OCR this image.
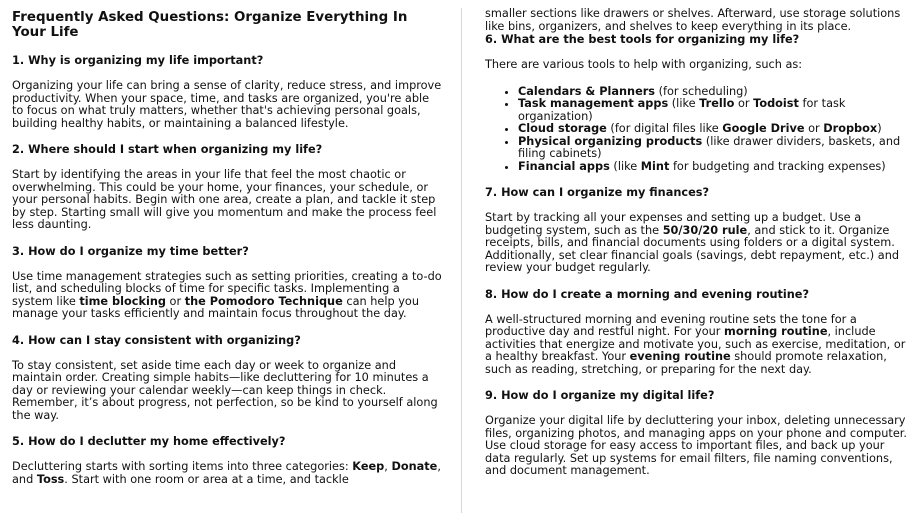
Frequently Asked Questions: Organize Everything In Your Life
1. Why is organizing my life important?

Organizing your life can bring a sense of clarity, reduce stress, and improve productivity. When your space, time, and tasks are organized, you're able to focus on what truly matters, whether that's achieving personal goals, building healthy habits, or maintaining a balanced lifestyle.

2. Where should I start when organizing my life?

Start by identifying the areas in your life that feel the most chaotic or overwhelming. This could be your home, your finances, your schedule, or your personal habits. Begin with one area, create a plan, and tackle it step by step. Starting small will give you momentum and make the process feel less daunting.

3. How do I organize my time better?

Use time management strategies such as setting priorities, creating a to-do list, and scheduling blocks of time for specific tasks. Implementing a system like time blocking or the Pomodoro Technique can help you manage your tasks efficiently and maintain focus throughout the day.

4. How can I stay consistent with organizing?

To stay consistent, set aside time each day or week to organize and maintain order. Creating simple habits—like decluttering for 10 minutes a day or reviewing your calendar weekly—can keep things in check. Remember, it’s about progress, not perfection, so be kind to yourself along the way.

5. How do I declutter my home effectively?

Decluttering starts with sorting items into three categories: Keep, Donate, and Toss. Start with one room or area at a time, and tackle

smaller sections like drawers or shelves. Afterward, use storage solutions like bins, organizers, and shelves to keep everything in its place.

6. What are the best tools for organizing my life?

There are various tools to help with organizing, such as:

• Calendars & Planners (for scheduling)
• Task management apps (like Trello or Todoist for task organization)
• Cloud storage (for digital files like Google Drive or Dropbox)
• Physical organizing products (like drawer dividers, baskets, and filing cabinets)
• Financial apps (like Mint for budgeting and tracking expenses)
7. How can I organize my finances?

Start by tracking all your expenses and setting up a budget. Use a budgeting system, such as the 50/30/20 rule, and stick to it. Organize receipts, bills, and financial documents using folders or a digital system. Additionally, set clear financial goals (savings, debt repayment, etc.) and review your budget regularly.

8. How do I create a morning and evening routine?

A well-structured morning and evening routine sets the tone for a productive day and restful night. For your morning routine, include activities that energize and motivate you, such as exercise, meditation, or a healthy breakfast. Your evening routine should promote relaxation, such as reading, stretching, or preparing for the next day.

9. How do I organize my digital life?

Organize your digital life by decluttering your inbox, deleting unnecessary files, organizing photos, and managing apps on your phone and computer. Use cloud storage for easy access to important files, and back up your data regularly. Set up systems for email filters, file naming conventions, and document management.
